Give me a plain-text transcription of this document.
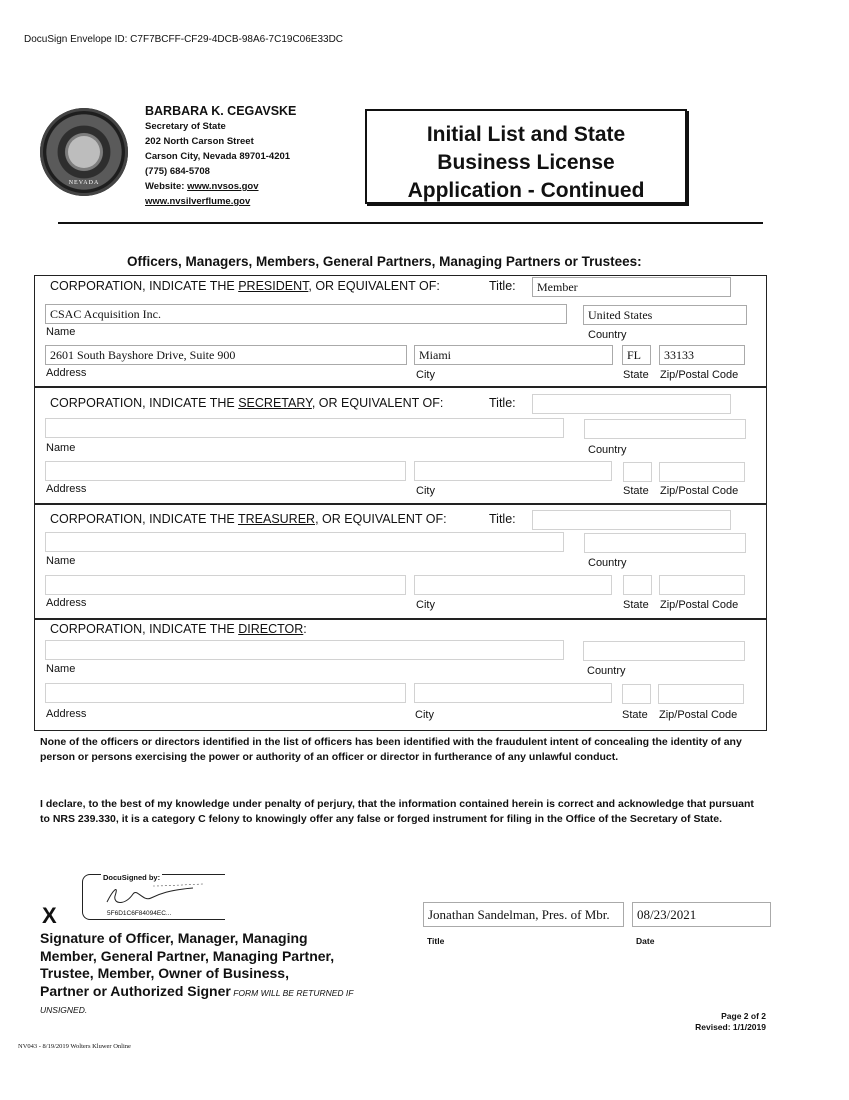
DocuSign Envelope ID: C7F7BCFF-CF29-4DCB-98A6-7C19C06E33DC
NEVADA
BARBARA K. CEGAVSKE
Secretary of State
202 North Carson Street
Carson City, Nevada 89701-4201
(775) 684-5708
Website: www.nvsos.gov
www.nvsilverflume.gov
Initial List and State
Business License
Application - Continued
Officers, Managers, Members, General Partners, Managing Partners or Trustees:
CORPORATION, INDICATE THE PRESIDENT, OR EQUIVALENT OF:	Title:	Member
CSAC Acquisition Inc.	United States
Name	Country
2601 South Bayshore Drive, Suite 900	Miami	FL	33133
Address	City	State Zip/Postal Code
CORPORATION, INDICATE THE SECRETARY, OR EQUIVALENT OF:	Title:
Name	Country
Address	City	State Zip/Postal Code
CORPORATION, INDICATE THE TREASURER, OR EQUIVALENT OF:	Title:
Name	Country
Address	City	State Zip/Postal Code
CORPORATION, INDICATE THE DIRECTOR:
Name	Country
Address	City	State Zip/Postal Code
None of the officers or directors identified in the list of officers has been identified with the fraudulent intent of concealing the identity of any person or persons exercising the power or authority of an officer or director in furtherance of any unlawful conduct.
I declare, to the best of my knowledge under penalty of perjury, that the information contained herein is correct and acknowledge that pursuant to NRS 239.330, it is a category C felony to knowingly offer any false or forged instrument for filing in the Office of the Secretary of State.
X
DocuSigned by:
5F6D1C6F84094EC...
Signature of Officer, Manager, Managing
Member, General Partner, Managing Partner,
Trustee, Member, Owner of Business,
Partner or Authorized Signer FORM WILL BE RETURNED IF
UNSIGNED.
Jonathan Sandelman, Pres. of Mbr.
Title
08/23/2021
Date
Page 2 of 2
Revised: 1/1/2019
NV043 - 8/19/2019 Wolters Kluwer Online
